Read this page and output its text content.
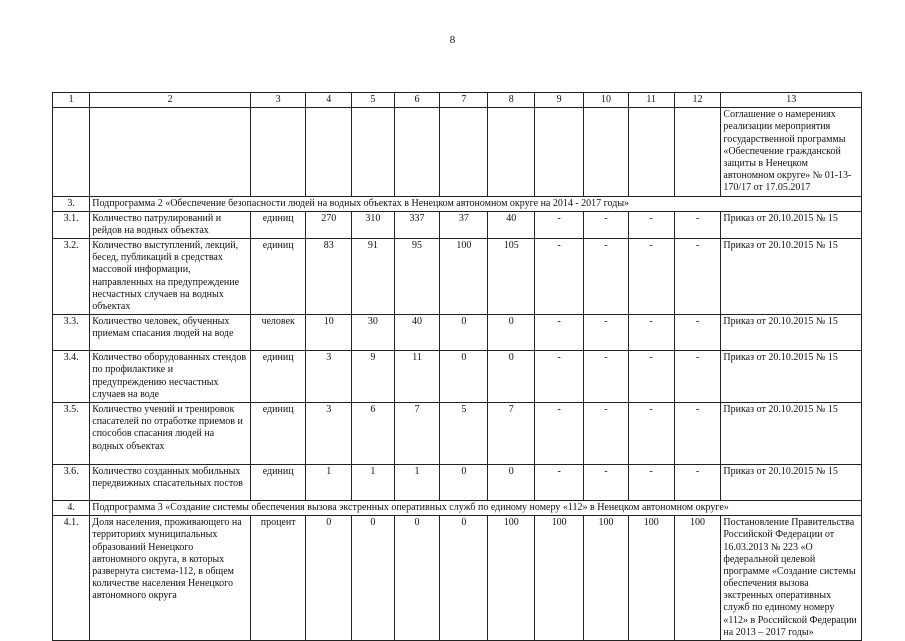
8
1	2	3	4	5	6	7	8	9	10	11	12	13
												Соглашение о намерениях реализации мероприятия государственной программы «Обеспечение гражданской защиты в Ненецком автономном округе» № 01-13-170/17 от 17.05.2017
3.	Подпрограмма 2 «Обеспечение безопасности людей на водных объектах в Ненецком автономном округе на 2014 - 2017 годы»											
3.1.	Количество патрулирований и рейдов на водных объектах	единиц	270	310	337	37	40	-	-	-	-	Приказ от 20.10.2015 № 15
3.2.	Количество выступлений, лекций, бесед, публикаций в средствах массовой информации, направленных на предупреждение несчастных случаев на водных объектах	единиц	83	91	95	100	105	-	-	-	-	Приказ от 20.10.2015 № 15
3.3.	Количество человек, обученных приемам спасания людей на воде	человек	10	30	40	0	0	-	-	-	-	Приказ от 20.10.2015 № 15
3.4.	Количество оборудованных стендов по профилактике и предупреждению несчастных случаев на воде	единиц	3	9	11	0	0	-	-	-	-	Приказ от 20.10.2015 № 15
3.5.	Количество учений и тренировок спасателей по отработке приемов и способов спасания людей на водных объектах	единиц	3	6	7	5	7	-	-	-	-	Приказ от 20.10.2015 № 15
3.6.	Количество созданных мобильных передвижных спасательных постов	единиц	1	1	1	0	0	-	-	-	-	Приказ от 20.10.2015 № 15
4.	Подпрограмма 3 «Создание системы обеспечения вызова экстренных оперативных служб по единому номеру «112» в Ненецком автономном округе»											
4.1.	Доля населения, проживающего на территориях муниципальных образований Ненецкого автономного округа, в которых развернута система-112, в общем количестве населения Ненецкого автономного округа	процент	0	0	0	0	100	100	100	100	100	Постановление Правительства Российской Федерации от 16.03.2013 № 223 «О федеральной целевой программе «Создание системы обеспечения вызова экстренных оперативных служб по единому номеру «112» в Российской Федерации на 2013 – 2017 годы»
